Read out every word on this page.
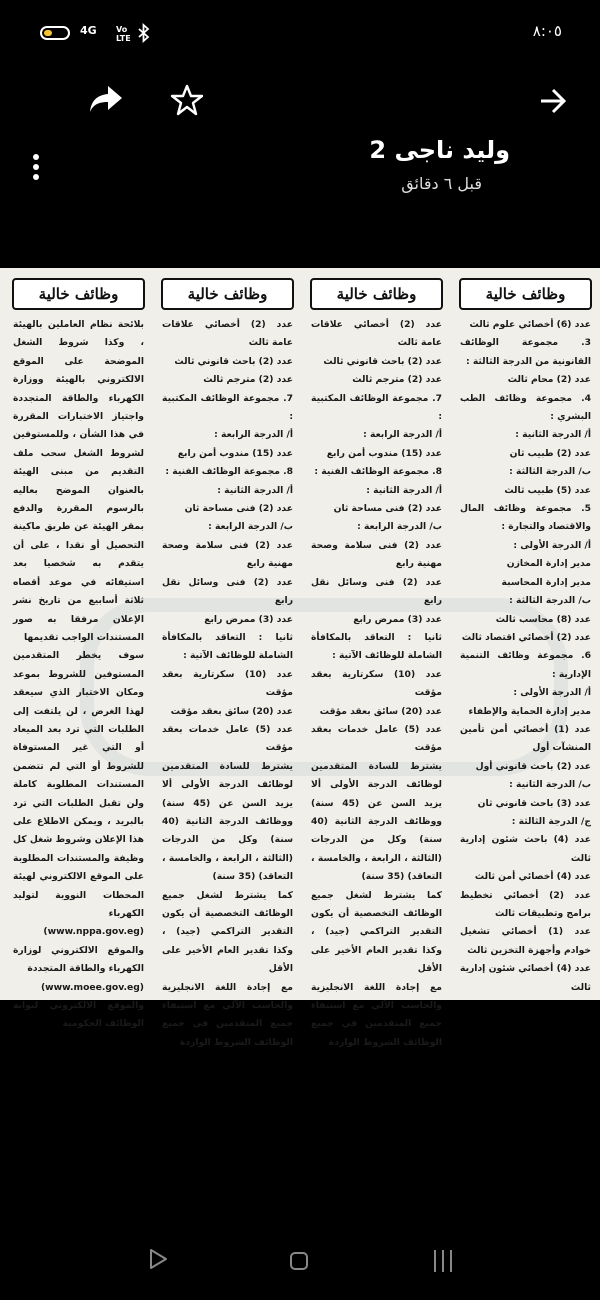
4G Vo LTE	٨:٠٥
وليد ناجى 2
قبل ٦ دقائق
وظائف خالية

عدد (6) أخصائي علوم ثالث

3. مجموعة الوظائف القانونية من الدرجة الثالثة :

عدد (2) محام ثالث

4. مجموعة وظائف الطب البشري :

أ/ الدرجة الثانية :

عدد (2) طبيب ثان

ب/ الدرجة الثالثة :

عدد (5) طبيب ثالث

5. مجموعة وظائف المال والاقتصاد والتجارة :

أ/ الدرجة الأولى :

مدير إدارة المخازن

مدير إدارة المحاسبة

ب/ الدرجة الثالثة :

عدد (8) محاسب ثالث

عدد (2) أخصائي اقتصاد ثالث

6. مجموعة وظائف التنمية الإدارية :

أ/ الدرجة الأولى :

مدير إدارة الحماية والإطفاء

عدد (1) أخصائي أمن تأمين المنشآت أول

عدد (2) باحث قانوني أول

ب/ الدرجة الثانية :

عدد (3) باحث قانوني ثان

ج/ الدرجة الثالثة :

عدد (4) باحث شئون إدارية ثالث

عدد (4) أخصائي أمن ثالث

عدد (2) أخصائي تخطيط برامج وتطبيقات ثالث

عدد (1) أخصائي تشغيل خوادم وأجهزة التخزين ثالث

عدد (4) أخصائي شئون إدارية ثالث

وظائف خالية

عدد (2) أخصائي علاقات عامة ثالث

عدد (2) باحث قانوني ثالث

عدد (2) مترجم ثالث

7. مجموعة الوظائف المكتبية :

أ/ الدرجة الرابعة :

عدد (15) مندوب أمن رابع

8. مجموعة الوظائف الفنية :

أ/ الدرجة الثانية :

عدد (2) فنى مساحة ثان

ب/ الدرجة الرابعة :

عدد (2) فنى سلامة وصحة مهنية رابع

عدد (2) فنى وسائل نقل رابع

عدد (3) ممرض رابع

ثانيا : التعاقد بالمكافأة الشاملة للوظائف الآتية :

عدد (10) سكرتارية بعقد مؤقت

عدد (20) سائق بعقد مؤقت

عدد (5) عامل خدمات بعقد مؤقت

يشترط للسادة المتقدمين لوظائف الدرجة الأولى ألا يزيد السن عن (45 سنة) ووظائف الدرجة الثانية (40 سنة) وكل من الدرجات (الثالثة ، الرابعة ، والخامسة ، التعاقد) (35 سنة)

كما يشترط لشغل جميع الوظائف التخصصية أن يكون التقدير التراكمي (جيد) ، وكذا تقدير العام الأخير على الأقل

مع إجادة اللغة الانجليزية والحاسب الآلي مع استيفاء جميع المتقدمين في جميع الوظائف الشروط الواردة

وظائف خالية

عدد (2) أخصائي علاقات عامة ثالث

عدد (2) باحث قانوني ثالث

عدد (2) مترجم ثالث

7. مجموعة الوظائف المكتبية :

أ/ الدرجة الرابعة :

عدد (15) مندوب أمن رابع

8. مجموعة الوظائف الفنية :

أ/ الدرجة الثانية :

عدد (2) فنى مساحة ثان

ب/ الدرجة الرابعة :

عدد (2) فنى سلامة وصحة مهنية رابع

عدد (2) فنى وسائل نقل رابع

عدد (3) ممرض رابع

ثانيا : التعاقد بالمكافأة الشاملة للوظائف الآتية :

عدد (10) سكرتارية بعقد مؤقت

عدد (20) سائق بعقد مؤقت

عدد (5) عامل خدمات بعقد مؤقت

يشترط للسادة المتقدمين لوظائف الدرجة الأولى ألا يزيد السن عن (45 سنة) ووظائف الدرجة الثانية (40 سنة) وكل من الدرجات (الثالثة ، الرابعة ، والخامسة ، التعاقد) (35 سنة)

كما يشترط لشغل جميع الوظائف التخصصية أن يكون التقدير التراكمي (جيد) ، وكذا تقدير العام الأخير على الأقل

مع إجادة اللغة الانجليزية والحاسب الآلي مع استيفاء جميع المتقدمين في جميع الوظائف الشروط الواردة

وظائف خالية

بلائحة نظام العاملين بالهيئة ، وكذا شروط الشغل الموضحة على الموقع الالكتروني بالهيئة ووزارة الكهرباء والطاقة المتجددة واجتياز الاختبارات المقررة في هذا الشأن ، وللمستوفين لشروط الشغل سحب ملف التقديم من مبنى الهيئة بالعنوان الموضح بعاليه بالرسوم المقررة والدفع بمقر الهيئة عن طريق ماكينة التحصيل أو نقدا ، على أن يتقدم به شخصيا بعد استيفائه في موعد أقصاه ثلاثة أسابيع من تاريخ نشر الإعلان مرفقا به صور المستندات الواجب تقديمها

سوف يخطر المتقدمين المستوفين للشروط بموعد ومكان الاختبار الذي سيعقد لهذا الغرض ، لن يلتفت إلى الطلبات التي ترد بعد الميعاد أو التي غير المستوفاة للشروط أو التي لم تتضمن المستندات المطلوبة كاملة ولن تقبل الطلبات التي ترد بالبريد ، ويمكن الاطلاع على هذا الإعلان وشروط شغل كل وظيفة والمستندات المطلوبة على الموقع الالكتروني لهيئة المحطات النووية لتوليد الكهرباء

(www.nppa.gov.eg)

والموقع الالكتروني لوزارة الكهرباء والطاقة المتجددة

(www.moee.gov.eg)

والموقع الالكتروني لبوابة الوظائف الحكومية
